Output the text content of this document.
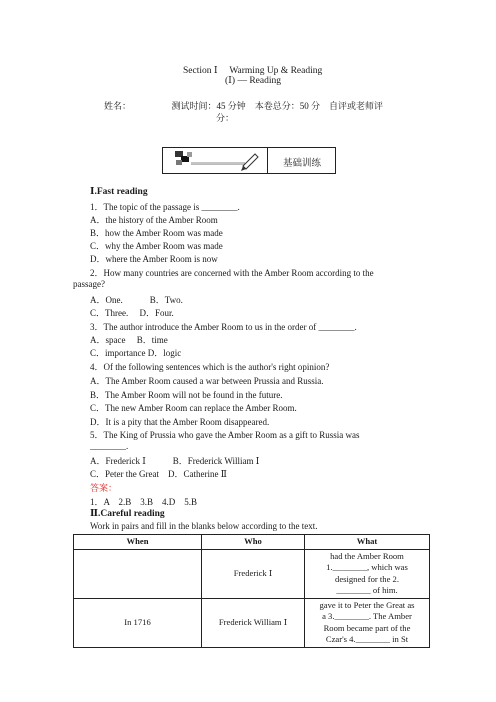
Section Ⅰ　 Warming Up & Reading
(Ⅰ) — Reading
姓名：　　　　　测试时间：45 分钟　本卷总分：50 分　自评或老师评
分：
基础训练
Ⅰ.Fast reading
1．The topic of the passage is ________.
A．the history of the Amber Room
B．how the Amber Room was made
C．why the Amber Room was made
D．where the Amber Room is now
2．How many countries are concerned with the Amber Room according to the
passage?
A．One.　　　B．Two.
C．Three.　 D．Four.
3．The author introduce the Amber Room to us in the order of ________.
A．space　 B．time
C．importance D．logic
4．Of the following sentences which is the author's right opinion?
A．The Amber Room caused a war between Prussia and Russia.
B．The Amber Room will not be found in the future.
C．The new Amber Room can replace the Amber Room.
D．It is a pity that the Amber Room disappeared.
5．The King of Prussia who gave the Amber Room as a gift to Russia was
________.
A．Frederick Ⅰ　　　B．Frederick William Ⅰ
C．Peter the Great　D．Catherine Ⅱ
答案：
1．A　2.B　3.B　4.D　5.B
Ⅱ.Careful reading
Work in pairs and fill in the blanks below according to the text.
When	Who	What
	Frederick Ⅰ	had the Amber Room
1.________, which was
designed for the 2.
________ of him.

In 1716	Frederick William Ⅰ	gave it to Peter the Great as
a 3.________. The Amber
Room became part of the
Czar's 4.________ in St
